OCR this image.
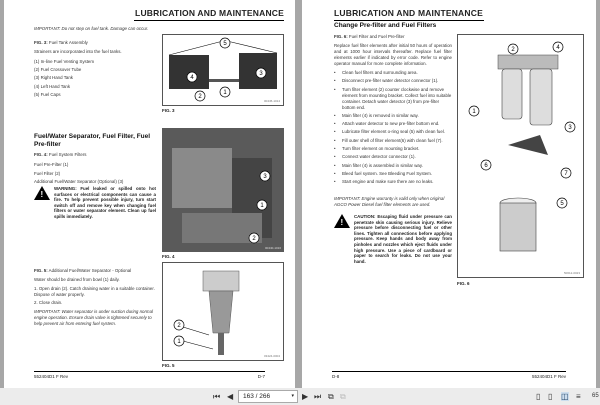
LUBRICATION AND MAINTENANCE
IMPORTANT: Do not step on fuel tank. Damage can occur.
FIG. 3: Fuel Tank Assembly
Strainers are incorporated into the fuel tanks.
(1) In-line Fuel Venting System
(2) Fuel Crossover Tube
(3) Right Hand Tank
(4) Left Hand Tank
(5) Fuel Caps
5
4
3
2
1
00445-1014
FIG. 3
Fuel/Water Separator, Fuel Filter, Fuel Pre-filter
FIG. 4: Fuel System Filters
Fuel Pre-Filter (1)
Fuel Filter (2)
Additional Fuel/Water Separator (Optional) (3)
!
WARNING: Fuel leaked or spilled onto hot surfaces or electrical components can cause a fire. To help prevent possible injury, turn start switch off and remove key when changing fuel filters or water separator element. Clean up fuel spills immediately.
3
1
2
00440-1016
FIG. 4
FIG. 5: Additional Fuel/Water Separator - Optional
Water should be drained from bowl (1) daily.
1. Open drain (2). Catch draining water in a suitable container. Dispose of water properly.
2. Close drain.
IMPORTANT: Water separator is under suction during normal engine operation. Ensure drain valve is tightened securely to help prevent air from entering fuel system.	2
1
03424-0004
FIG. 5
552404D1 F Rev	D-7
LUBRICATION AND MAINTENANCE
Change Pre-filter and Fuel Filters
FIG. 6: Fuel Filter and Fuel Pre-filter
Replace fuel filter elements after initial 50 hours of operation and at 1000 hour intervals thereafter. Replace fuel filter elements earlier if indicated by error code. Refer to engine operator manual for more complete information.
• Clean fuel filters and surrounding area.
• Disconnect pre-filter water detector connector (1).
• Turn filter element (2) counter clockwise and remove element from mounting bracket. Collect fuel into suitable container. Detach water detector (3) from pre-filter bottom end.
• Main filter (4) is removed in similar way.
• Attach water detector to new pre-filter bottom end.
• Lubricate filter element o-ring seal (5) with clean fuel.
• Fill outer shell of filter element(6) with clean fuel (7).
• Turn filter element on mounting bracket.
• Connect water detector connector (1).
• Main filter (4) is assembled in similar way.
• Bleed fuel system. See Bleeding Fuel System.
• Start engine and make sure there are no leaks.
IMPORTANT: Engine warranty is valid only when original AGCO Power Diesel fuel filter elements are used.
!
CAUTION: Escaping fluid under pressure can penetrate skin causing serious injury. Relieve pressure before disconnecting fuel or other lines. Tighten all connections before applying pressure. Keep hands and body away from pinholes and nozzles which eject fluids under high pressure. Use a piece of cardboard or paper to search for leaks. Do not use your hand.
2	4
1
3
6
7
5
50612-0023
FIG. 6
D-8	552404D1 F Rev
⏮ ◀	163 / 266	▾ ▶ ⏭ ⧉ ⧉	▯ ▯ ◫ ≡ 65
